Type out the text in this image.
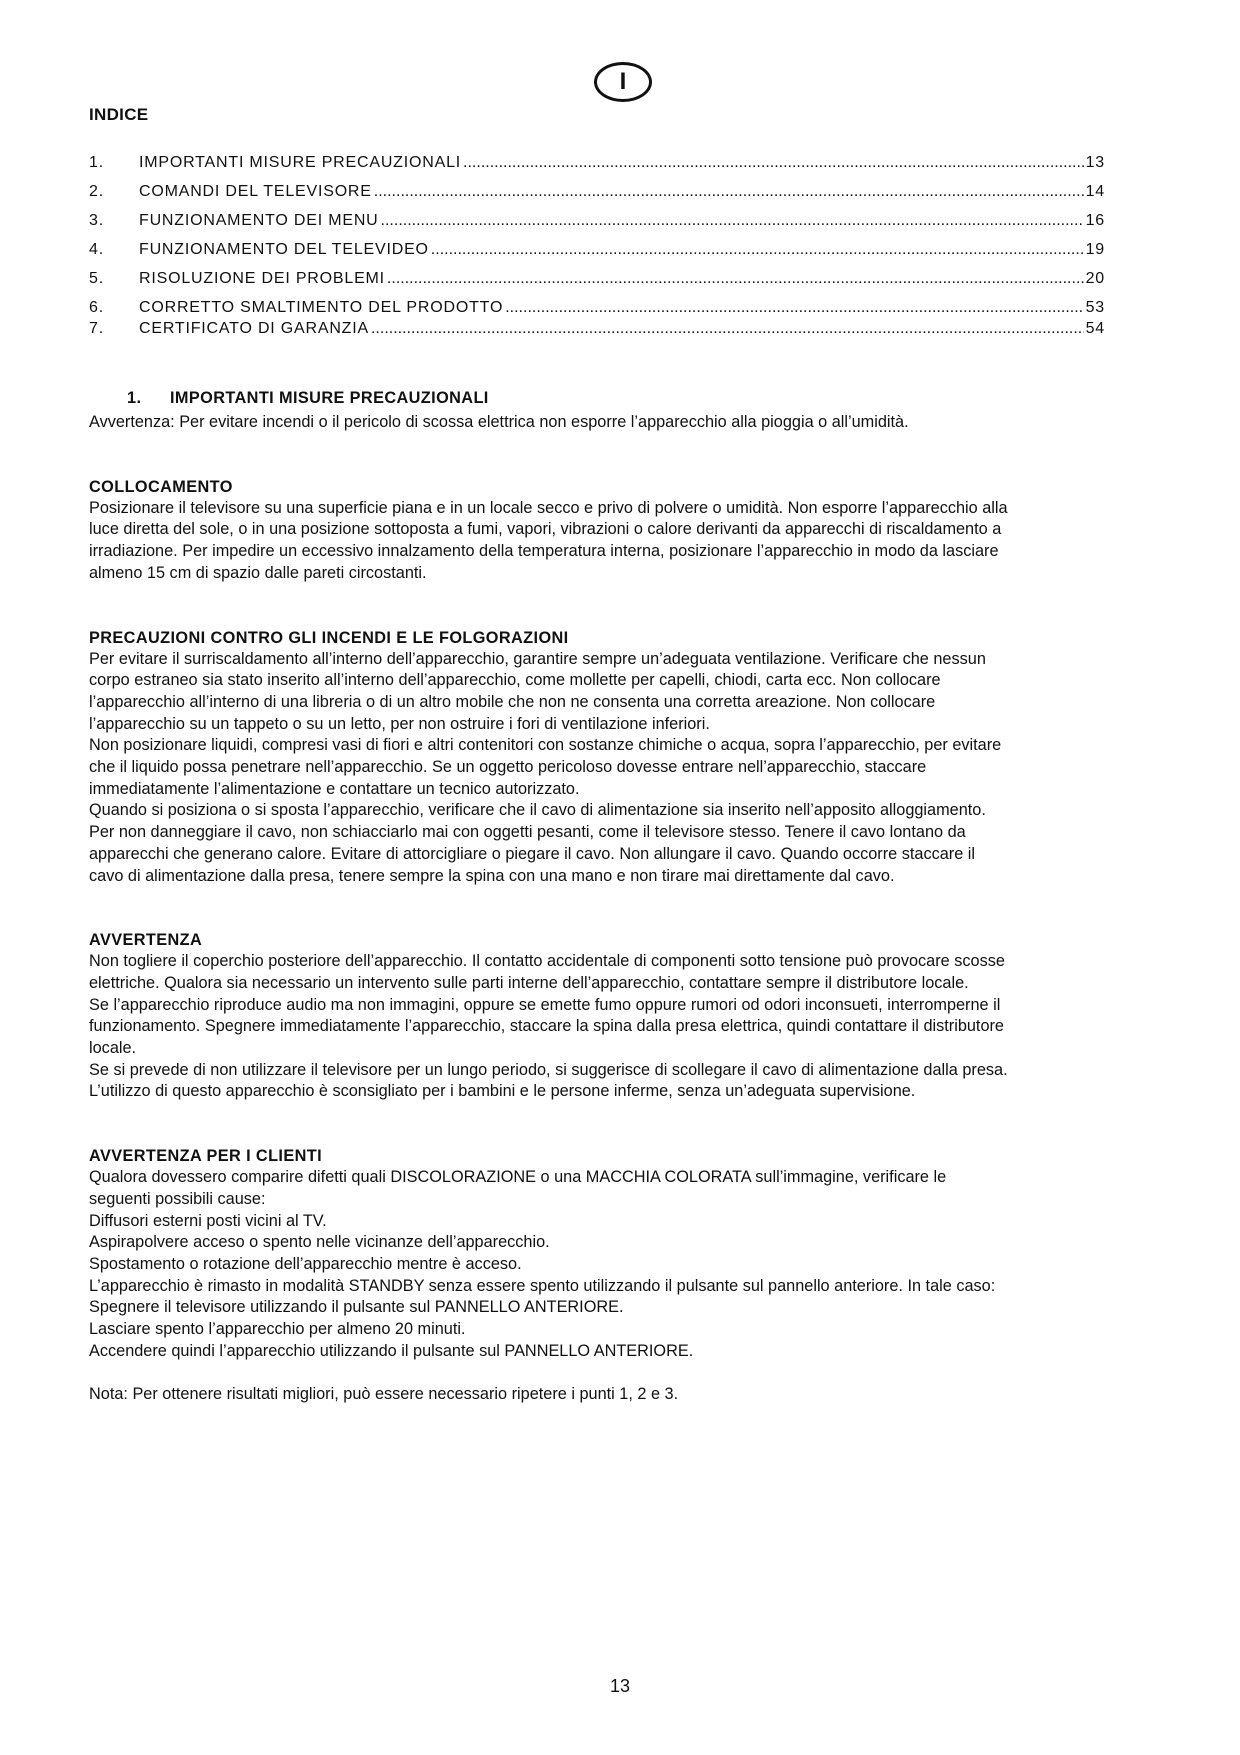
I
INDICE
1.	IMPORTANTI MISURE PRECAUZIONALI .....	13
2.	COMANDI DEL TELEVISORE .....	14
3.	FUNZIONAMENTO DEI MENU .....	16
4.	FUNZIONAMENTO DEL TELEVIDEO .....	19
5.	RISOLUZIONE DEI PROBLEMI .....	20
6.	CORRETTO SMALTIMENTO DEL PRODOTTO .....	53
7.	CERTIFICATO DI GARANZIA .....	54
1. IMPORTANTI MISURE PRECAUZIONALI

Avvertenza: Per evitare incendi o il pericolo di scossa elettrica non esporre l’apparecchio alla pioggia o all’umidità.

COLLOCAMENTO
Posizionare il televisore su una superficie piana e in un locale secco e privo di polvere o umidità. Non esporre l’apparecchio alla
luce diretta del sole, o in una posizione sottoposta a fumi, vapori, vibrazioni o calore derivanti da apparecchi di riscaldamento a
irradiazione. Per impedire un eccessivo innalzamento della temperatura interna, posizionare l’apparecchio in modo da lasciare
almeno 15 cm di spazio dalle pareti circostanti.
PRECAUZIONI CONTRO GLI INCENDI E LE FOLGORAZIONI
Per evitare il surriscaldamento all’interno dell’apparecchio, garantire sempre un’adeguata ventilazione. Verificare che nessun
corpo estraneo sia stato inserito all’interno dell’apparecchio, come mollette per capelli, chiodi, carta ecc. Non collocare
l’apparecchio all’interno di una libreria o di un altro mobile che non ne consenta una corretta areazione. Non collocare
l’apparecchio su un tappeto o su un letto, per non ostruire i fori di ventilazione inferiori.
Non posizionare liquidi, compresi vasi di fiori e altri contenitori con sostanze chimiche o acqua, sopra l’apparecchio, per evitare
che il liquido possa penetrare nell’apparecchio. Se un oggetto pericoloso dovesse entrare nell’apparecchio, staccare
immediatamente l’alimentazione e contattare un tecnico autorizzato.
Quando si posiziona o si sposta l’apparecchio, verificare che il cavo di alimentazione sia inserito nell’apposito alloggiamento.
Per non danneggiare il cavo, non schiacciarlo mai con oggetti pesanti, come il televisore stesso. Tenere il cavo lontano da
apparecchi che generano calore. Evitare di attorcigliare o piegare il cavo. Non allungare il cavo. Quando occorre staccare il
cavo di alimentazione dalla presa, tenere sempre la spina con una mano e non tirare mai direttamente dal cavo.
AVVERTENZA
Non togliere il coperchio posteriore dell’apparecchio. Il contatto accidentale di componenti sotto tensione può provocare scosse
elettriche. Qualora sia necessario un intervento sulle parti interne dell’apparecchio, contattare sempre il distributore locale.
Se l’apparecchio riproduce audio ma non immagini, oppure se emette fumo oppure rumori od odori inconsueti, interromperne il
funzionamento. Spegnere immediatamente l’apparecchio, staccare la spina dalla presa elettrica, quindi contattare il distributore
locale.
Se si prevede di non utilizzare il televisore per un lungo periodo, si suggerisce di scollegare il cavo di alimentazione dalla presa.
L’utilizzo di questo apparecchio è sconsigliato per i bambini e le persone inferme, senza un’adeguata supervisione.
AVVERTENZA PER I CLIENTI
Qualora dovessero comparire difetti quali DISCOLORAZIONE o una MACCHIA COLORATA sull’immagine, verificare le
seguenti possibili cause:
Diffusori esterni posti vicini al TV.
Aspirapolvere acceso o spento nelle vicinanze dell’apparecchio.
Spostamento o rotazione dell’apparecchio mentre è acceso.
L’apparecchio è rimasto in modalità STANDBY senza essere spento utilizzando il pulsante sul pannello anteriore. In tale caso:
Spegnere il televisore utilizzando il pulsante sul PANNELLO ANTERIORE.
Lasciare spento l’apparecchio per almeno 20 minuti.
Accendere quindi l’apparecchio utilizzando il pulsante sul PANNELLO ANTERIORE.
Nota: Per ottenere risultati migliori, può essere necessario ripetere i punti 1, 2 e 3.
13
